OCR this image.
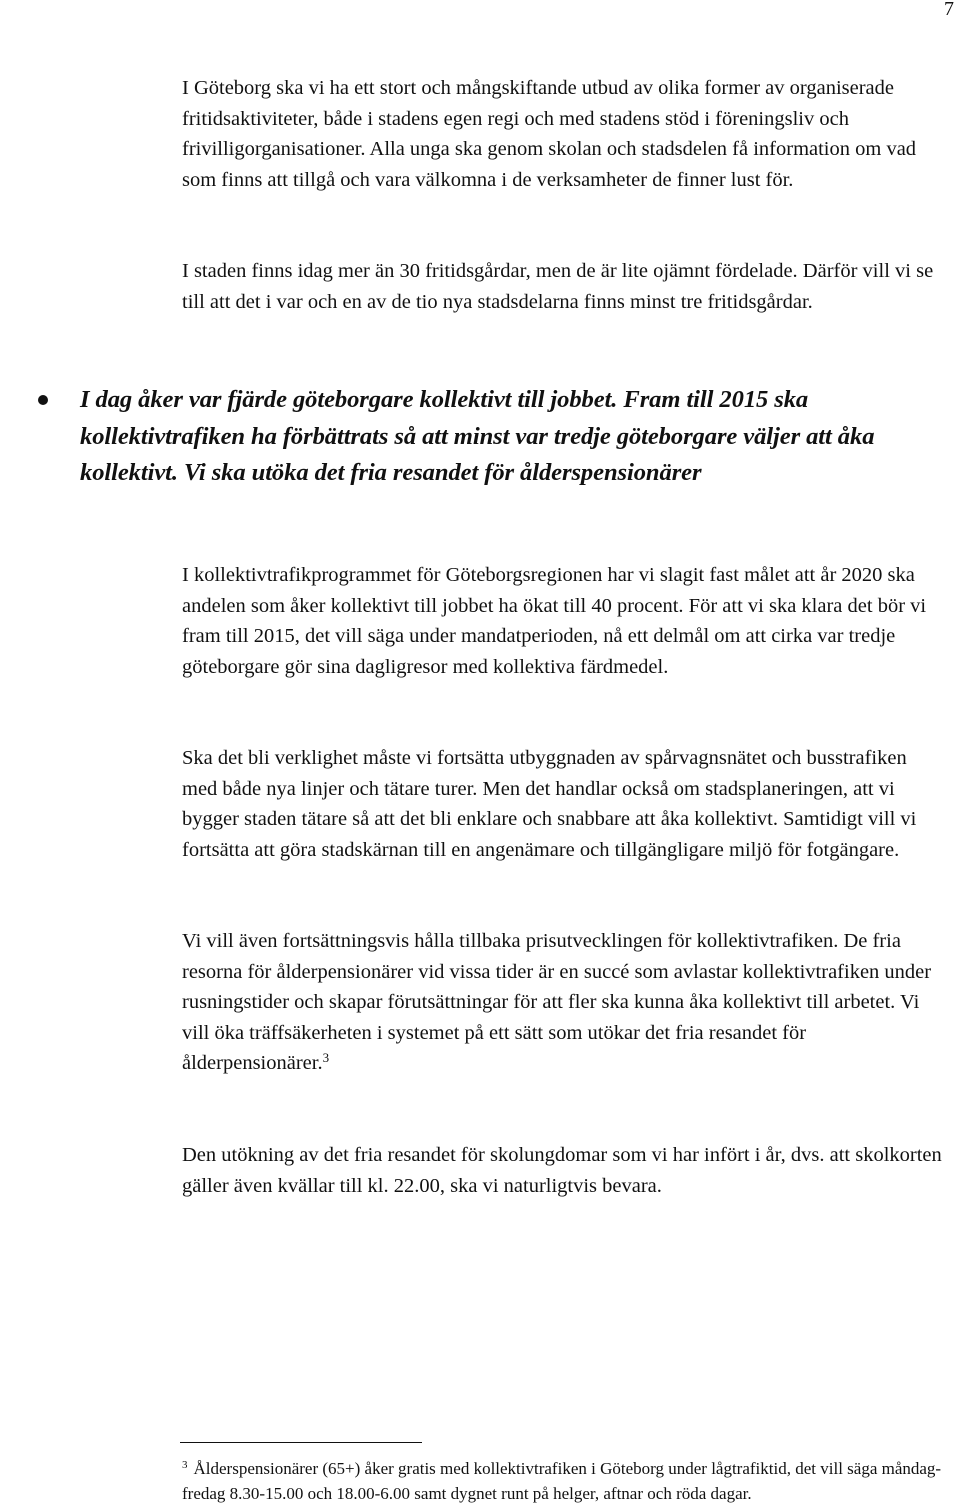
7

I Göteborg ska vi ha ett stort och mångskiftande utbud av olika former av organiserade fritidsaktiviteter, både i stadens egen regi och med stadens stöd i föreningsliv och frivilligorganisationer. Alla unga ska genom skolan och stadsdelen få information om vad som finns att tillgå och vara välkomna i de verksamheter de finner lust för.

I staden finns idag mer än 30 fritidsgårdar, men de är lite ojämnt fördelade. Därför vill vi se till att det i var och en av de tio nya stadsdelarna finns minst tre fritidsgårdar.

I dag åker var fjärde göteborgare kollektivt till jobbet. Fram till 2015 ska kollektivtrafiken ha förbättrats så att minst var tredje göteborgare väljer att åka kollektivt. Vi ska utöka det fria resandet för ålderspensionärer

I kollektivtrafikprogrammet för Göteborgsregionen har vi slagit fast målet att år 2020 ska andelen som åker kollektivt till jobbet ha ökat till 40 procent. För att vi ska klara det bör vi fram till 2015, det vill säga under mandatperioden, nå ett delmål om att cirka var tredje göteborgare gör sina dagligresor med kollektiva färdmedel.

Ska det bli verklighet måste vi fortsätta utbyggnaden av spårvagnsnätet och busstrafiken med både nya linjer och tätare turer. Men det handlar också om stadsplaneringen, att vi bygger staden tätare så att det bli enklare och snabbare att åka kollektivt. Samtidigt vill vi fortsätta att göra stadskärnan till en angenämare och tillgängligare miljö för fotgängare.

Vi vill även fortsättningsvis hålla tillbaka prisutvecklingen för kollektivtrafiken. De fria resorna för ålderpensionärer vid vissa tider är en succé som avlastar kollektivtrafiken under rusningstider och skapar förutsättningar för att fler ska kunna åka kollektivt till arbetet. Vi vill öka träffsäkerheten i systemet på ett sätt som utökar det fria resandet för ålderpensionärer.$^3$

Den utökning av det fria resandet för skolungdomar som vi har infört i år, dvs. att skolkorten gäller även kvällar till kl. 22.00, ska vi naturligtvis bevara.

$^3$ Ålderspensionärer (65+) åker gratis med kollektivtrafiken i Göteborg under lågtrafiktid, det vill säga måndag-fredag 8.30-15.00 och 18.00-6.00 samt dygnet runt på helger, aftnar och röda dagar.
